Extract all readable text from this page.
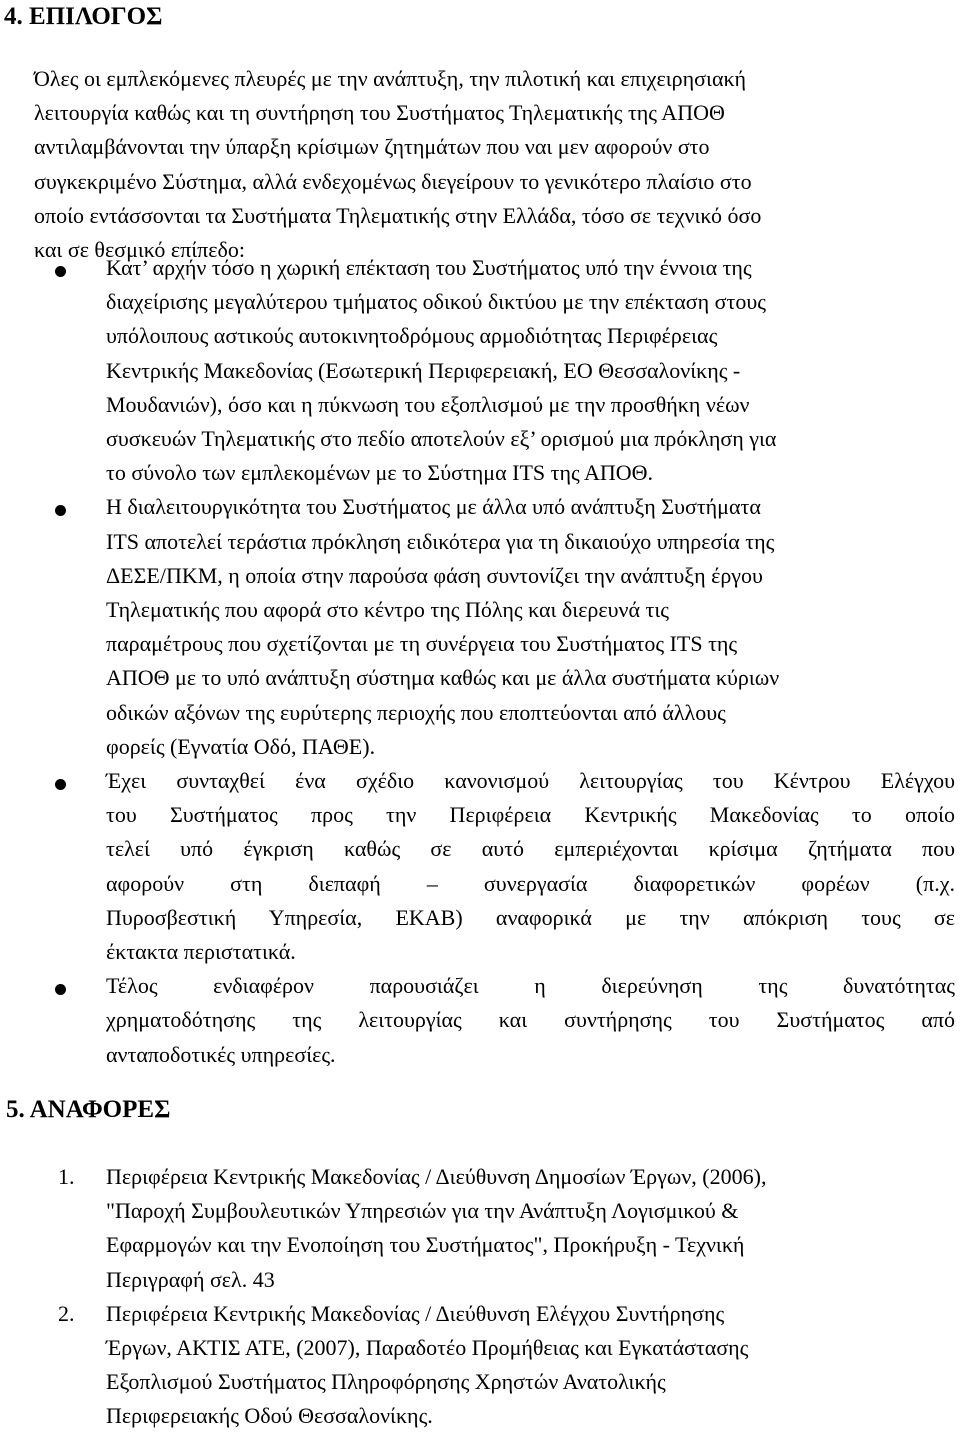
4. ΕΠΙΛΟΓΟΣ

Όλες οι εμπλεκόμενες πλευρές με την ανάπτυξη, την πιλοτική και επιχειρησιακή
λειτουργία καθώς και τη συντήρηση του Συστήματος Τηλεματικής της ΑΠΟΘ
αντιλαμβάνονται την ύπαρξη κρίσιμων ζητημάτων που ναι μεν αφορούν στο
συγκεκριμένο Σύστημα, αλλά ενδεχομένως διεγείρουν το γενικότερο πλαίσιο στο
οποίο εντάσσονται τα Συστήματα Τηλεματικής στην Ελλάδα, τόσο σε τεχνικό όσο
και σε θεσμικό επίπεδο:

Κατ’ αρχήν τόσο η χωρική επέκταση του Συστήματος υπό την έννοια της
διαχείρισης μεγαλύτερου τμήματος οδικού δικτύου με την επέκταση στους
υπόλοιπους αστικούς αυτοκινητοδρόμους αρμοδιότητας Περιφέρειας
Κεντρικής Μακεδονίας (Εσωτερική Περιφερειακή, ΕΟ Θεσσαλονίκης -
Μουδανιών), όσο και η πύκνωση του εξοπλισμού με την προσθήκη νέων
συσκευών Τηλεματικής στο πεδίο αποτελούν εξ’ ορισμού μια πρόκληση για
το σύνολο των εμπλεκομένων με το Σύστημα ITS της ΑΠΟΘ.
Η διαλειτουργικότητα του Συστήματος με άλλα υπό ανάπτυξη Συστήματα
ITS αποτελεί τεράστια πρόκληση ειδικότερα για τη δικαιούχο υπηρεσία της
ΔΕΣΕ/ΠΚΜ, η οποία στην παρούσα φάση συντονίζει την ανάπτυξη έργου
Τηλεματικής που αφορά στο κέντρο της Πόλης και διερευνά τις
παραμέτρους που σχετίζονται με τη συνέργεια του Συστήματος ITS της
ΑΠΟΘ με το υπό ανάπτυξη σύστημα καθώς και με άλλα συστήματα κύριων
οδικών αξόνων της ευρύτερης περιοχής που εποπτεύονται από άλλους
φορείς (Εγνατία Οδό, ΠΑΘΕ).
Έχει συνταχθεί ένα σχέδιο κανονισμού λειτουργίας του Κέντρου Ελέγχου
του Συστήματος προς την Περιφέρεια Κεντρικής Μακεδονίας το οποίο
τελεί υπό έγκριση καθώς σε αυτό εμπεριέχονται κρίσιμα ζητήματα που
αφορούν στη διεπαφή – συνεργασία διαφορετικών φορέων (π.χ.
Πυροσβεστική Υπηρεσία, ΕΚΑΒ) αναφορικά με την απόκριση τους σε
έκτακτα περιστατικά.
Τέλος ενδιαφέρον παρουσιάζει η διερεύνηση της δυνατότητας
χρηματοδότησης της λειτουργίας και συντήρησης του Συστήματος από
ανταποδοτικές υπηρεσίες.
5. ΑΝΑΦΟΡΕΣ
1. Περιφέρεια Κεντρικής Μακεδονίας / Διεύθυνση Δημοσίων Έργων, (2006),
"Παροχή Συμβουλευτικών Υπηρεσιών για την Ανάπτυξη Λογισμικού &
Εφαρμογών και την Ενοποίηση του Συστήματος", Προκήρυξη - Τεχνική
Περιγραφή σελ. 43
2. Περιφέρεια Κεντρικής Μακεδονίας / Διεύθυνση Ελέγχου Συντήρησης
Έργων, ΑΚΤΙΣ ΑΤΕ, (2007), Παραδοτέο Προμήθειας και Εγκατάστασης
Εξοπλισμού Συστήματος Πληροφόρησης Χρηστών Ανατολικής
Περιφερειακής Οδού Θεσσαλονίκης.
